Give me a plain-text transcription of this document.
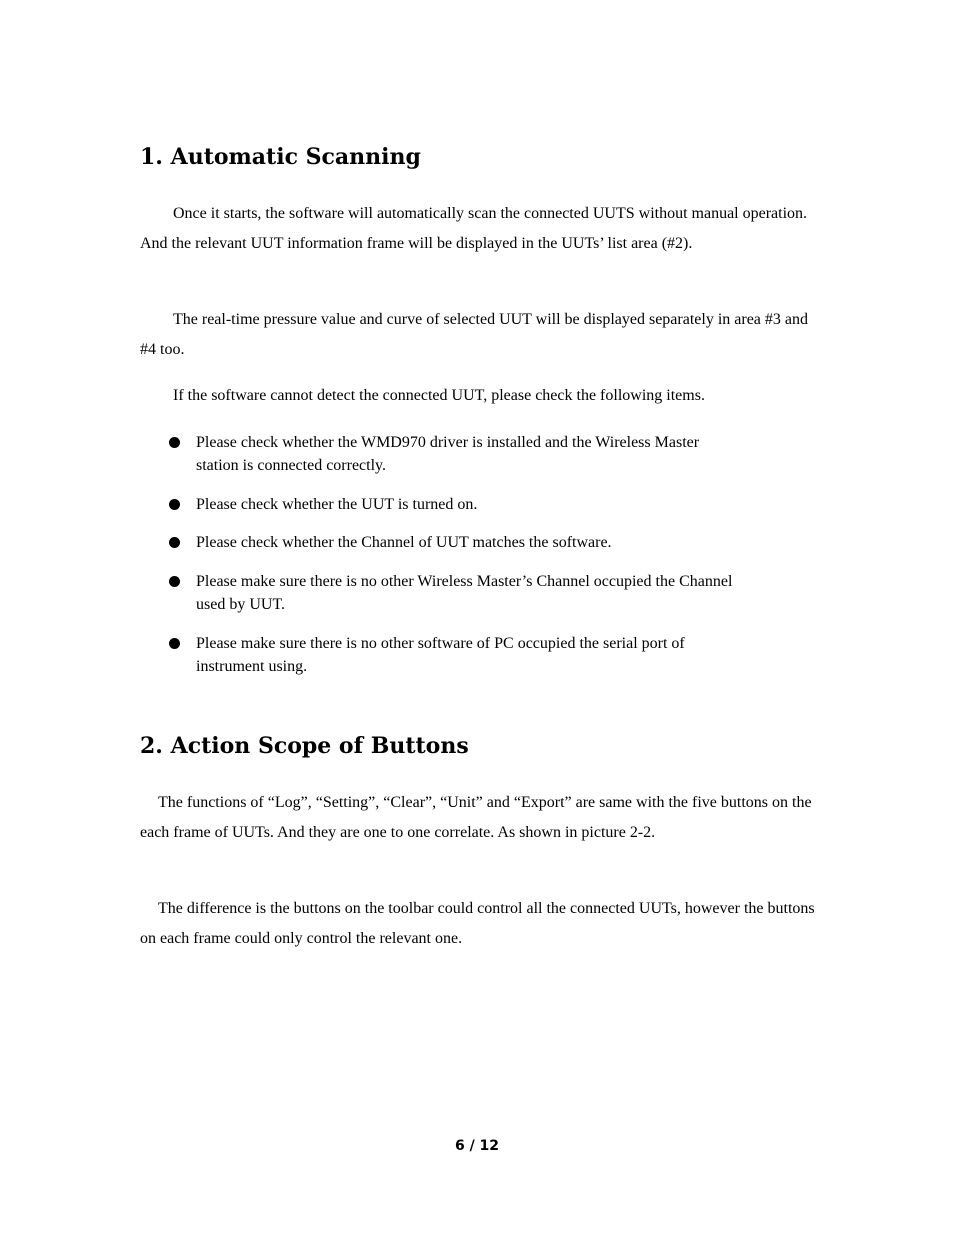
1. Automatic Scanning

Once it starts, the software will automatically scan the connected UUTS without manual operation. And the relevant UUT information frame will be displayed in the UUTs’ list area (#2).

The real-time pressure value and curve of selected UUT will be displayed separately in area #3 and #4 too.

If the software cannot detect the connected UUT, please check the following items.

Please check whether the WMD970 driver is installed and the Wireless Master
station is connected correctly.
Please check whether the UUT is turned on.
Please check whether the Channel of UUT matches the software.
Please make sure there is no other Wireless Master’s Channel occupied the Channel
used by UUT.
Please make sure there is no other software of PC occupied the serial port of
instrument using.
2. Action Scope of Buttons

The functions of “Log”, “Setting”, “Clear”, “Unit” and “Export” are same with the five buttons on the each frame of UUTs. And they are one to one correlate. As shown in picture 2-2.

The difference is the buttons on the toolbar could control all the connected UUTs, however the buttons on each frame could only control the relevant one.

6 / 12
